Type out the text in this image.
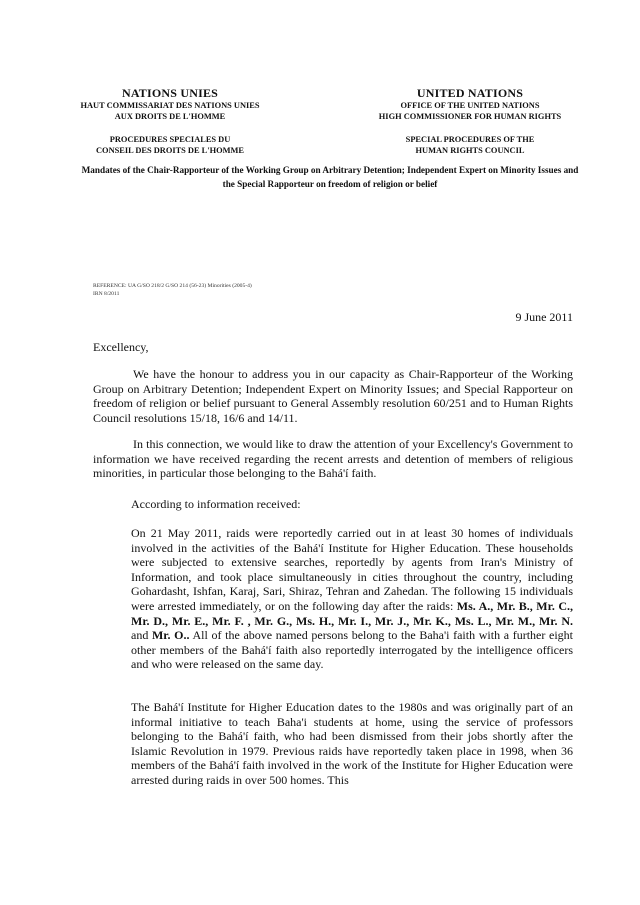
NATIONS UNIES
HAUT COMMISSARIAT DES NATIONS UNIES
AUX DROITS DE L'HOMME
PROCEDURES SPECIALES DU
CONSEIL DES DROITS DE L'HOMME
UNITED NATIONS
OFFICE OF THE UNITED NATIONS
HIGH COMMISSIONER FOR HUMAN RIGHTS
SPECIAL PROCEDURES OF THE
HUMAN RIGHTS COUNCIL
Mandates of the Chair-Rapporteur of the Working Group on Arbitrary Detention; Independent Expert on Minority Issues and the Special Rapporteur on freedom of religion or belief
REFERENCE: UA G/SO 218/2 G/SO 214 (56-23) Minorities (2005-4)
IRN 8/2011
9 June 2011
Excellency,
We have the honour to address you in our capacity as Chair-Rapporteur of the Working Group on Arbitrary Detention; Independent Expert on Minority Issues; and Special Rapporteur on freedom of religion or belief pursuant to General Assembly resolution 60/251 and to Human Rights Council resolutions 15/18, 16/6 and 14/11.
In this connection, we would like to draw the attention of your Excellency's Government to information we have received regarding the recent arrests and detention of members of religious minorities, in particular those belonging to the Bahá'í faith.
According to information received:
On 21 May 2011, raids were reportedly carried out in at least 30 homes of individuals involved in the activities of the Bahá'í Institute for Higher Education. These households were subjected to extensive searches, reportedly by agents from Iran's Ministry of Information, and took place simultaneously in cities throughout the country, including Gohardasht, Ishfan, Karaj, Sari, Shiraz, Tehran and Zahedan. The following 15 individuals were arrested immediately, or on the following day after the raids: Ms. A., Mr. B., Mr. C., Mr. D., Mr. E., Mr. F. , Mr. G., Ms. H., Mr. I., Mr. J., Mr. K., Ms. L., Mr. M., Mr. N. and Mr. O.. All of the above named persons belong to the Baha'i faith with a further eight other members of the Bahá'í faith also reportedly interrogated by the intelligence officers and who were released on the same day.
The Bahá'í Institute for Higher Education dates to the 1980s and was originally part of an informal initiative to teach Baha'i students at home, using the service of professors belonging to the Bahá'í faith, who had been dismissed from their jobs shortly after the Islamic Revolution in 1979. Previous raids have reportedly taken place in 1998, when 36 members of the Bahá'í faith involved in the work of the Institute for Higher Education were arrested during raids in over 500 homes. This
